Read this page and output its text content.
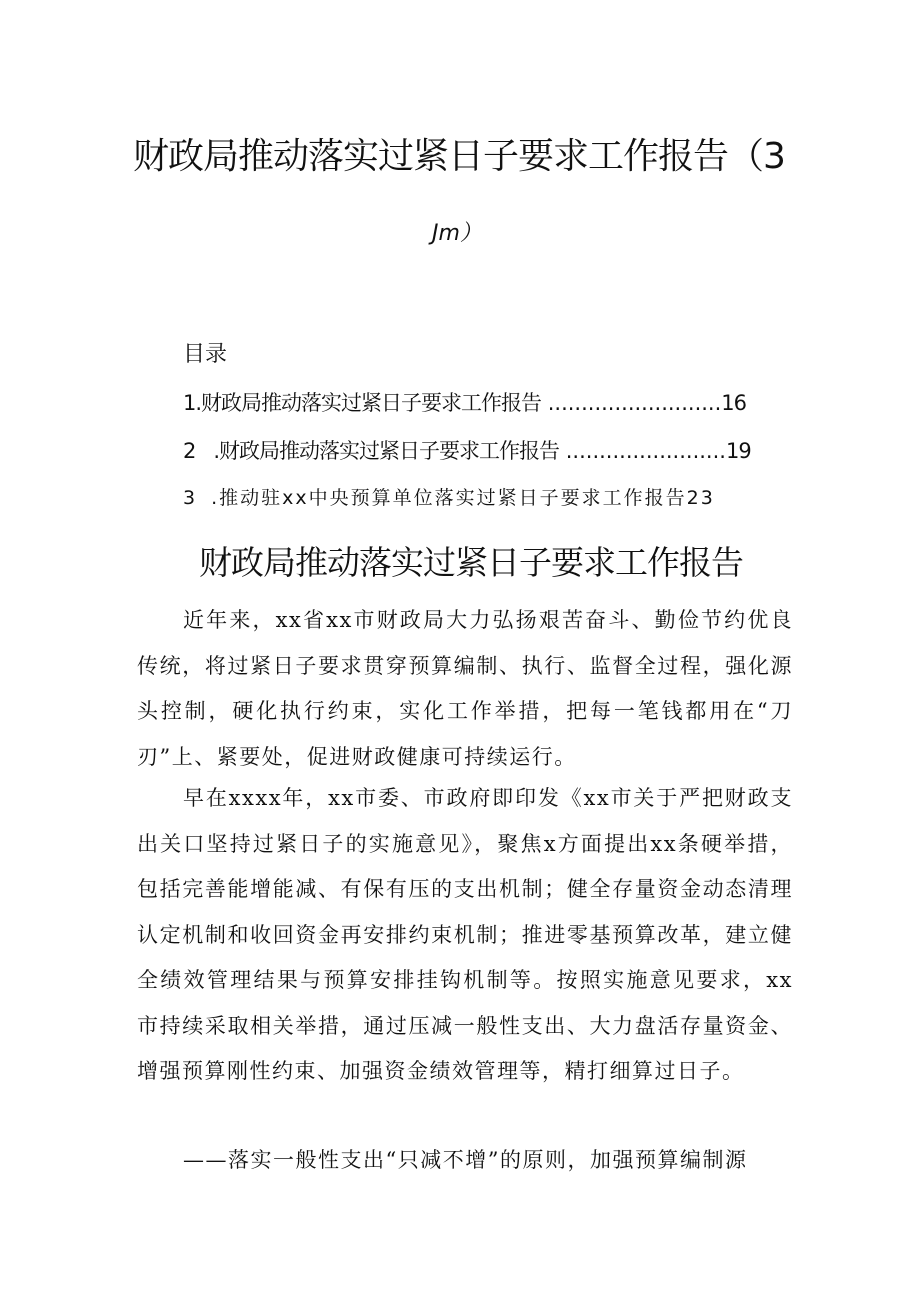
财政局推动落实过紧日子要求工作报告（3
Jm）
目录
1.财政局推动落实过紧日子要求工作报告 ..........................16
2 .财政局推动落实过紧日子要求工作报告 ........................19
3 .推动驻xx中央预算单位落实过紧日子要求工作报告23
财政局推动落实过紧日子要求工作报告

近年来，xx省xx市财政局大力弘扬艰苦奋斗、勤俭节约优良传统，将过紧日子要求贯穿预算编制、执行、监督全过程，强化源头控制，硬化执行约束，实化工作举措，把每一笔钱都用在“刀刃”上、紧要处，促进财政健康可持续运行。

早在xxxx年，xx市委、市政府即印发《xx市关于严把财政支出关口坚持过紧日子的实施意见》，聚焦x方面提出xx条硬举措，包括完善能增能减、有保有压的支出机制；健全存量资金动态清理认定机制和收回资金再安排约束机制；推进零基预算改革，建立健全绩效管理结果与预算安排挂钩机制等。按照实施意见要求，xx市持续采取相关举措，通过压减一般性支出、大力盘活存量资金、增强预算刚性约束、加强资金绩效管理等，精打细算过日子。

——落实一般性支出“只减不增”的原则，加强预算编制源
